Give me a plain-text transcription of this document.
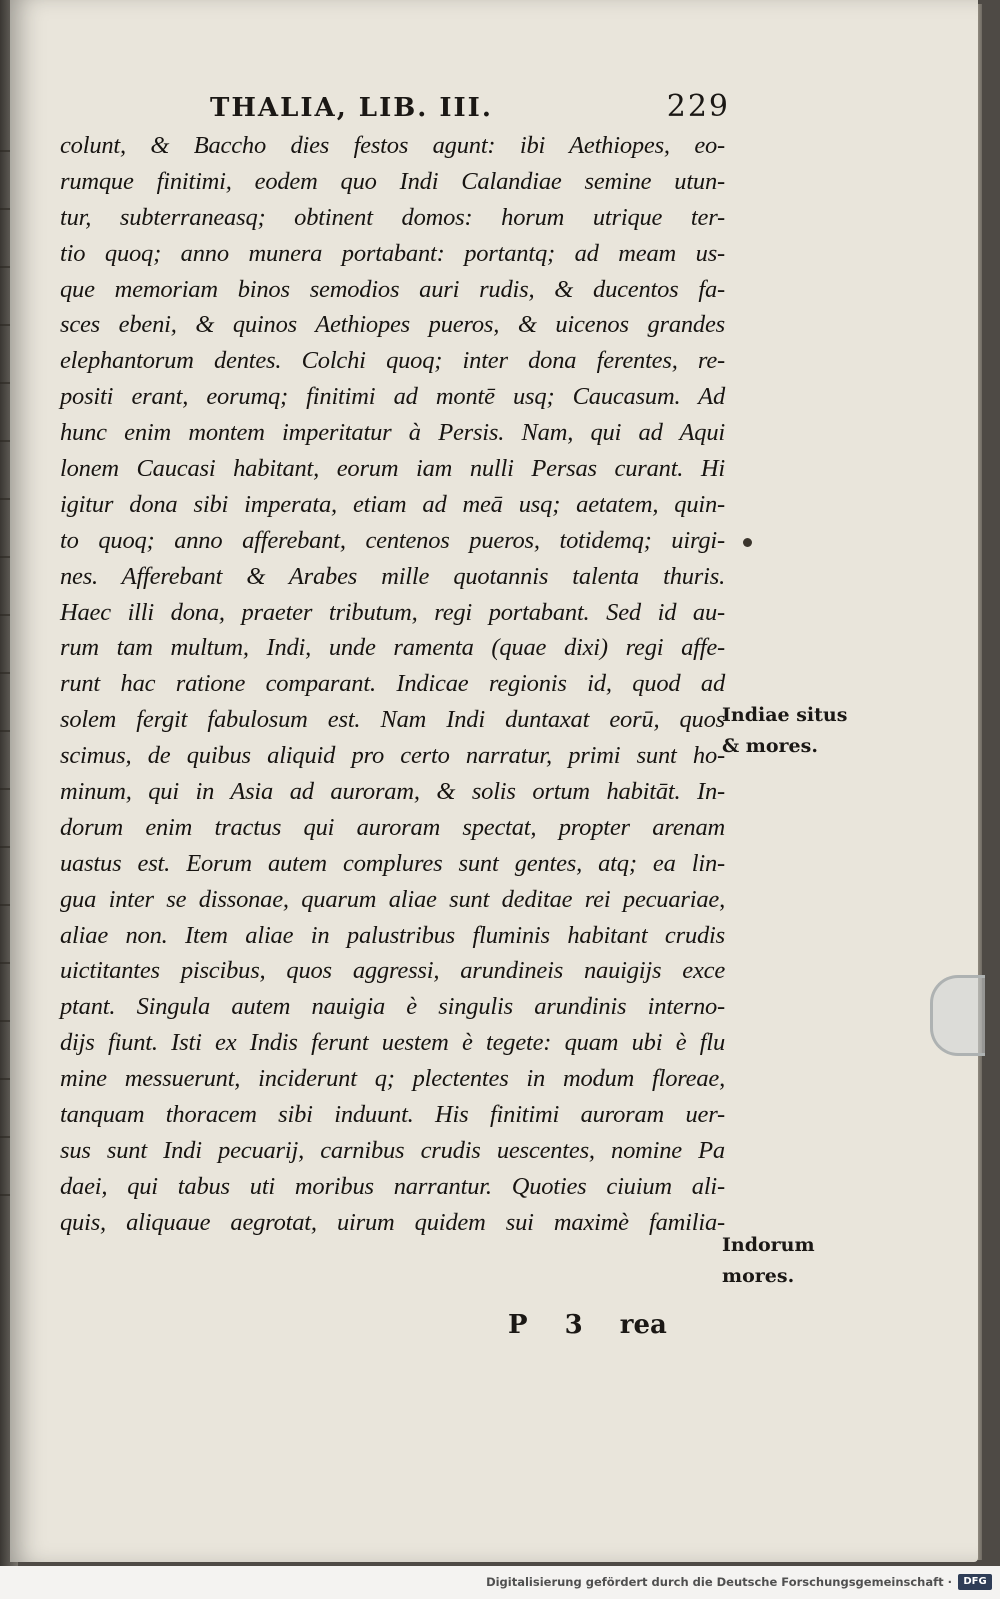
THALIA, LIB. III.	229
colunt, & Baccho dies festos agunt: ibi Aethiopes, eo-
rumque finitimi, eodem quo Indi Calandiae semine utun-
tur, subterraneasq; obtinent domos: horum utrique ter-
tio quoq; anno munera portabant: portantq; ad meam us-
que memoriam binos semodios auri rudis, & ducentos fa-
sces ebeni, & quinos Aethiopes pueros, & uicenos grandes
elephantorum dentes. Colchi quoq; inter dona ferentes, re-
positi erant, eorumq; finitimi ad montē usq; Caucasum. Ad
hunc enim montem imperitatur à Persis. Nam, qui ad Aqui
lonem Caucasi habitant, eorum iam nulli Persas curant. Hi
igitur dona sibi imperata, etiam ad meā usq; aetatem, quin-
to quoq; anno afferebant, centenos pueros, totidemq; uirgi-
nes. Afferebant & Arabes mille quotannis talenta thuris.
Haec illi dona, praeter tributum, regi portabant. Sed id au-
rum tam multum, Indi, unde ramenta (quae dixi) regi affe-
runt hac ratione comparant. Indicae regionis id, quod ad
solem fergit fabulosum est. Nam Indi duntaxat eorū, quos
scimus, de quibus aliquid pro certo narratur, primi sunt ho-
minum, qui in Asia ad auroram, & solis ortum habitāt. In-
dorum enim tractus qui auroram spectat, propter arenam
uastus est. Eorum autem complures sunt gentes, atq; ea lin-
gua inter se dissonae, quarum aliae sunt deditae rei pecuariae,
aliae non. Item aliae in palustribus fluminis habitant crudis
uictitantes piscibus, quos aggressi, arundineis nauigijs exce
ptant. Singula autem nauigia è singulis arundinis interno-
dijs fiunt. Isti ex Indis ferunt uestem è tegete: quam ubi è flu
mine messuerunt, inciderunt q; plectentes in modum floreae,
tanquam thoracem sibi induunt. His finitimi auroram uer-
sus sunt Indi pecuarij, carnibus crudis uescentes, nomine Pa
daei, qui tabus uti moribus narrantur. Quoties ciuium ali-
quis, aliquaue aegrotat, uirum quidem sui maximè familia-
Indiae situs
& mores.
Indorum
mores.
P 3 rea
Digitalisierung gefördert durch die Deutsche Forschungsgemeinschaft ·	DFG
